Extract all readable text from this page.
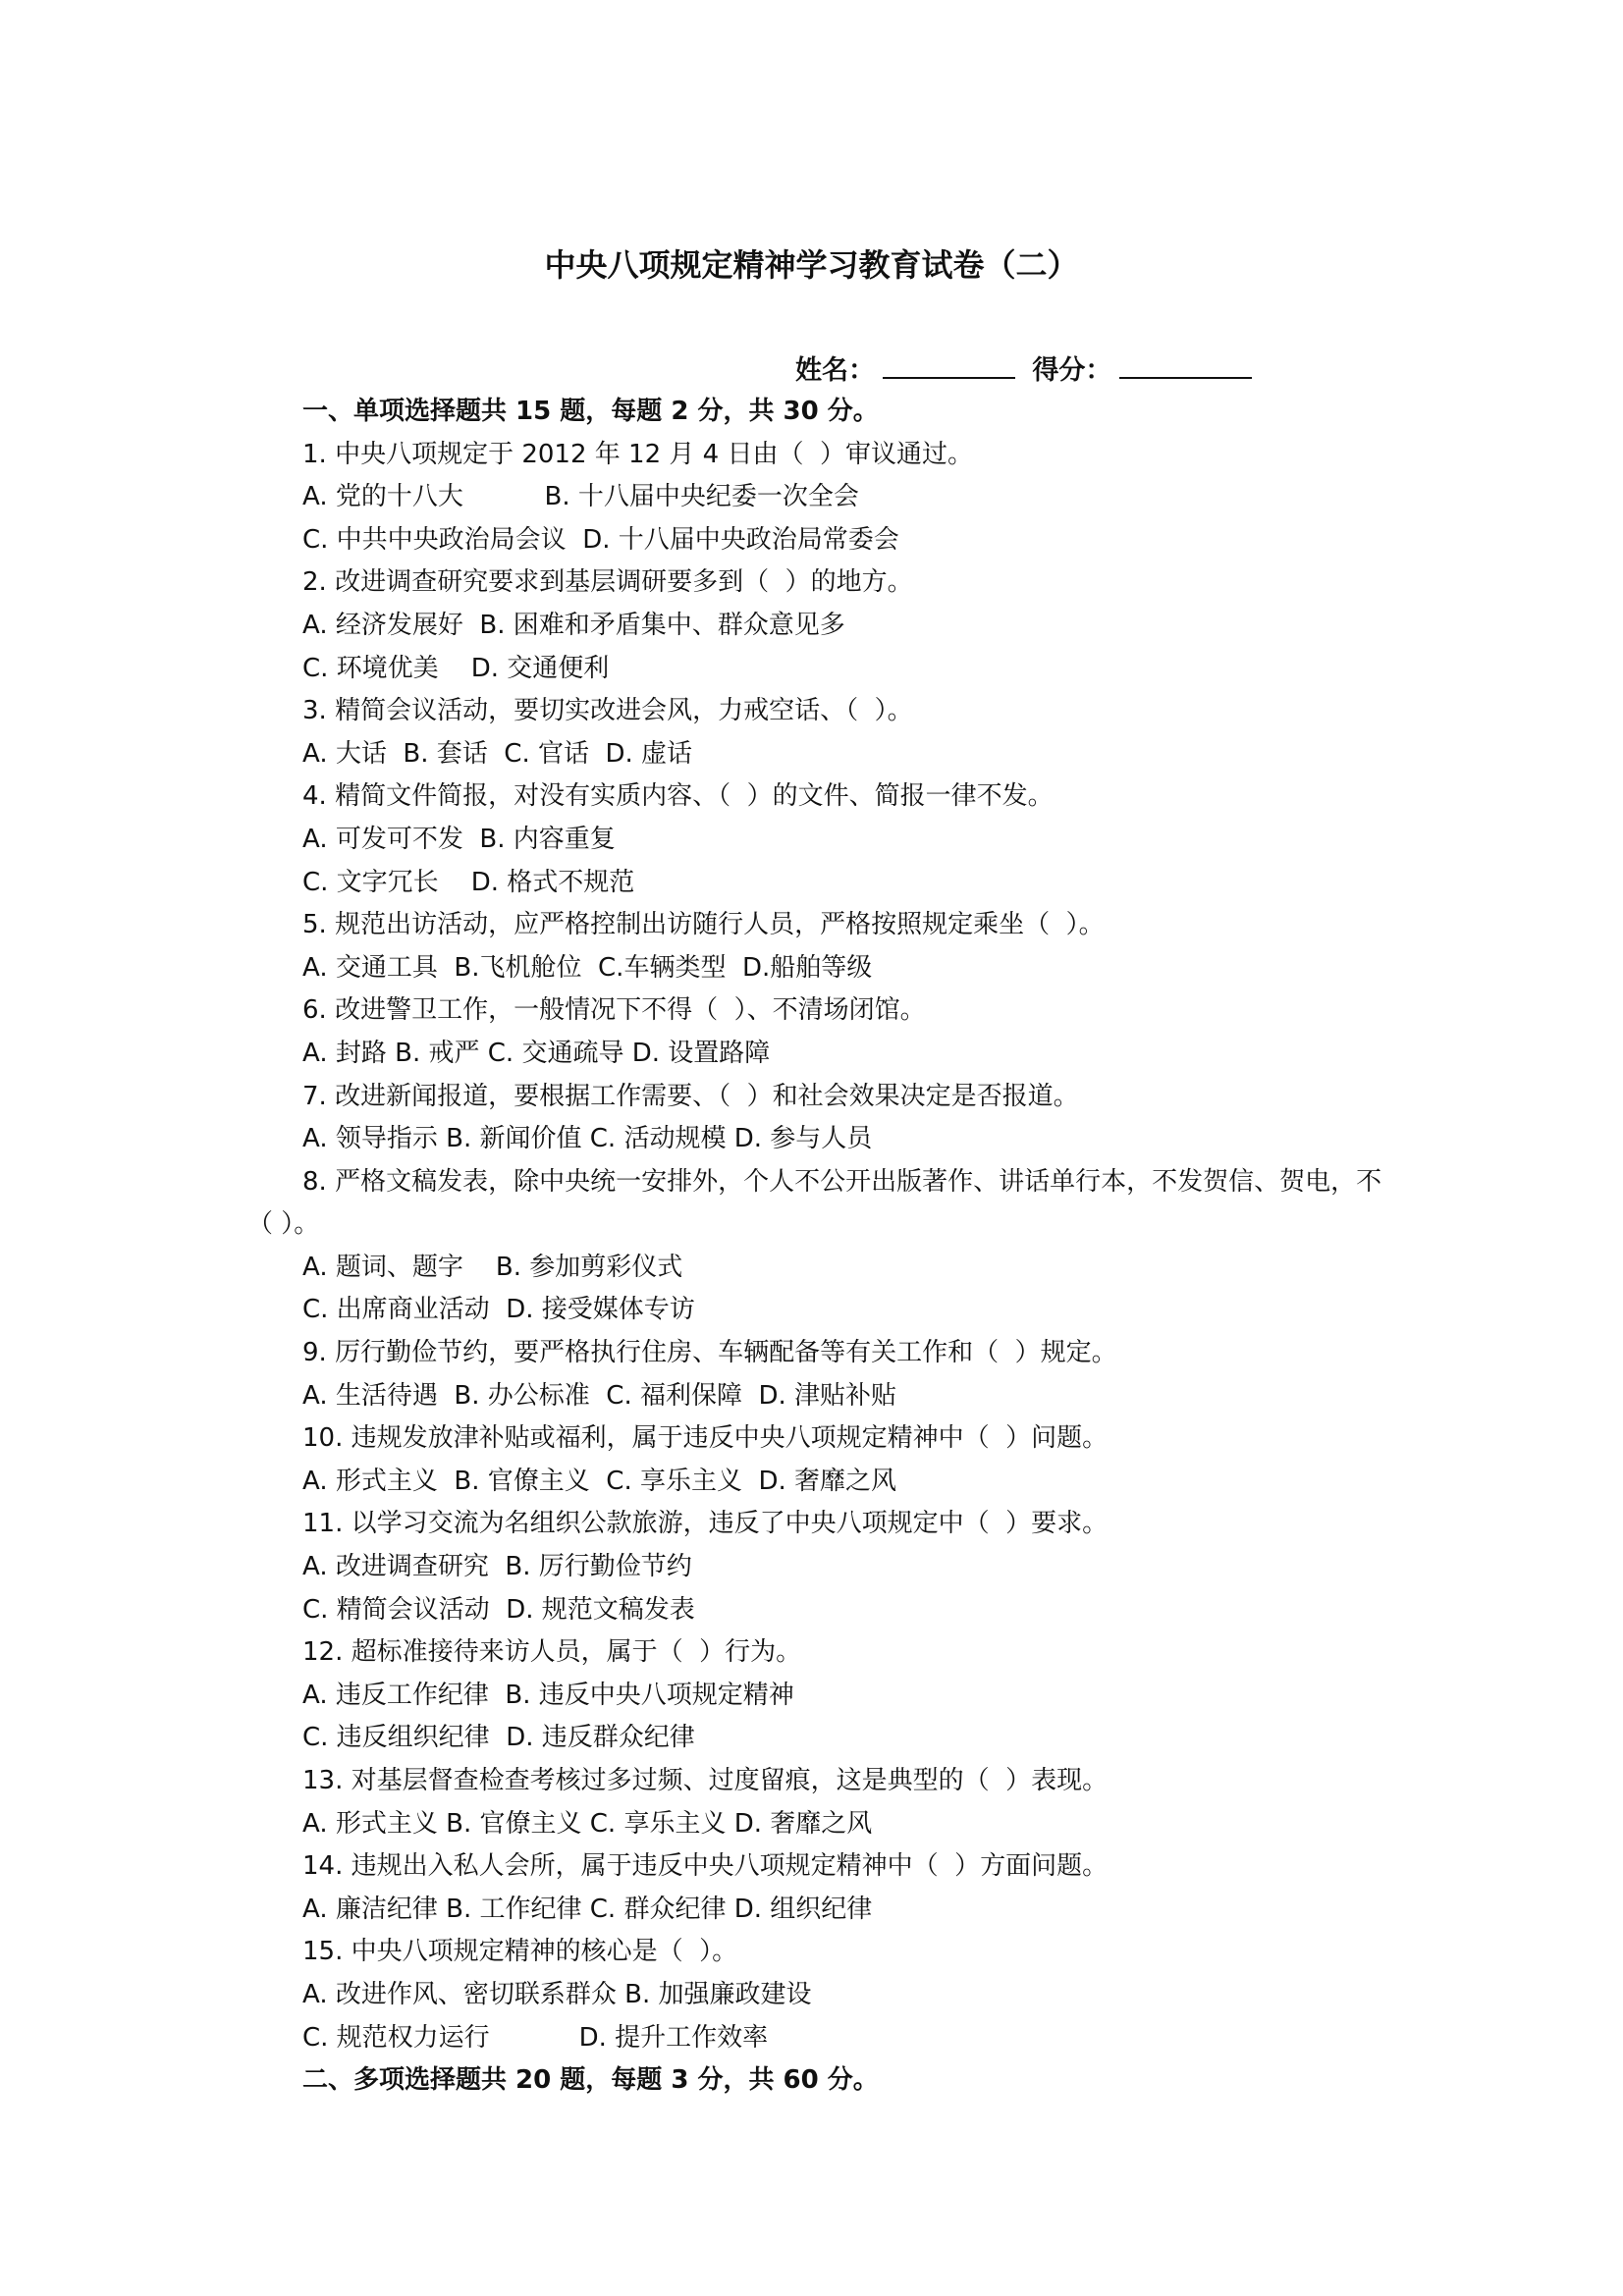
中央八项规定精神学习教育试卷（二）
姓名：	得分：
一、单项选择题共 15 题，每题 2 分，共 30 分。
1. 中央八项规定于 2012 年 12 月 4 日由（  ）审议通过。
A. 党的十八大          B. 十八届中央纪委一次全会
C. 中共中央政治局会议  D. 十八届中央政治局常委会
2. 改进调查研究要求到基层调研要多到（  ）的地方。
A. 经济发展好  B. 困难和矛盾集中、群众意见多
C. 环境优美    D. 交通便利
3. 精简会议活动，要切实改进会风，力戒空话、（  ）。
A. 大话  B. 套话  C. 官话  D. 虚话
4. 精简文件简报，对没有实质内容、（  ）的文件、简报一律不发。
A. 可发可不发  B. 内容重复
C. 文字冗长    D. 格式不规范
5. 规范出访活动，应严格控制出访随行人员，严格按照规定乘坐（  ）。
A. 交通工具  B.飞机舱位  C.车辆类型  D.船舶等级
6. 改进警卫工作，一般情况下不得（  ）、不清场闭馆。
A. 封路 B. 戒严 C. 交通疏导 D. 设置路障
7. 改进新闻报道，要根据工作需要、（  ）和社会效果决定是否报道。
A. 领导指示 B. 新闻价值 C. 活动规模 D. 参与人员
8. 严格文稿发表，除中央统一安排外，个人不公开出版著作、讲话单行本，不发贺信、贺电，不（ ）。
A. 题词、题字    B. 参加剪彩仪式
C. 出席商业活动  D. 接受媒体专访
9. 厉行勤俭节约，要严格执行住房、车辆配备等有关工作和（  ）规定。
A. 生活待遇  B. 办公标准  C. 福利保障  D. 津贴补贴
10. 违规发放津补贴或福利，属于违反中央八项规定精神中（  ）问题。
A. 形式主义  B. 官僚主义  C. 享乐主义  D. 奢靡之风
11. 以学习交流为名组织公款旅游，违反了中央八项规定中（  ）要求。
A. 改进调查研究  B. 厉行勤俭节约
C. 精简会议活动  D. 规范文稿发表
12. 超标准接待来访人员，属于（  ）行为。
A. 违反工作纪律  B. 违反中央八项规定精神
C. 违反组织纪律  D. 违反群众纪律
13. 对基层督查检查考核过多过频、过度留痕，这是典型的（  ）表现。
A. 形式主义 B. 官僚主义 C. 享乐主义 D. 奢靡之风
14. 违规出入私人会所，属于违反中央八项规定精神中（  ）方面问题。
A. 廉洁纪律 B. 工作纪律 C. 群众纪律 D. 组织纪律
15. 中央八项规定精神的核心是（  ）。
A. 改进作风、密切联系群众 B. 加强廉政建设
C. 规范权力运行           D. 提升工作效率
二、多项选择题共 20 题，每题 3 分，共 60 分。
